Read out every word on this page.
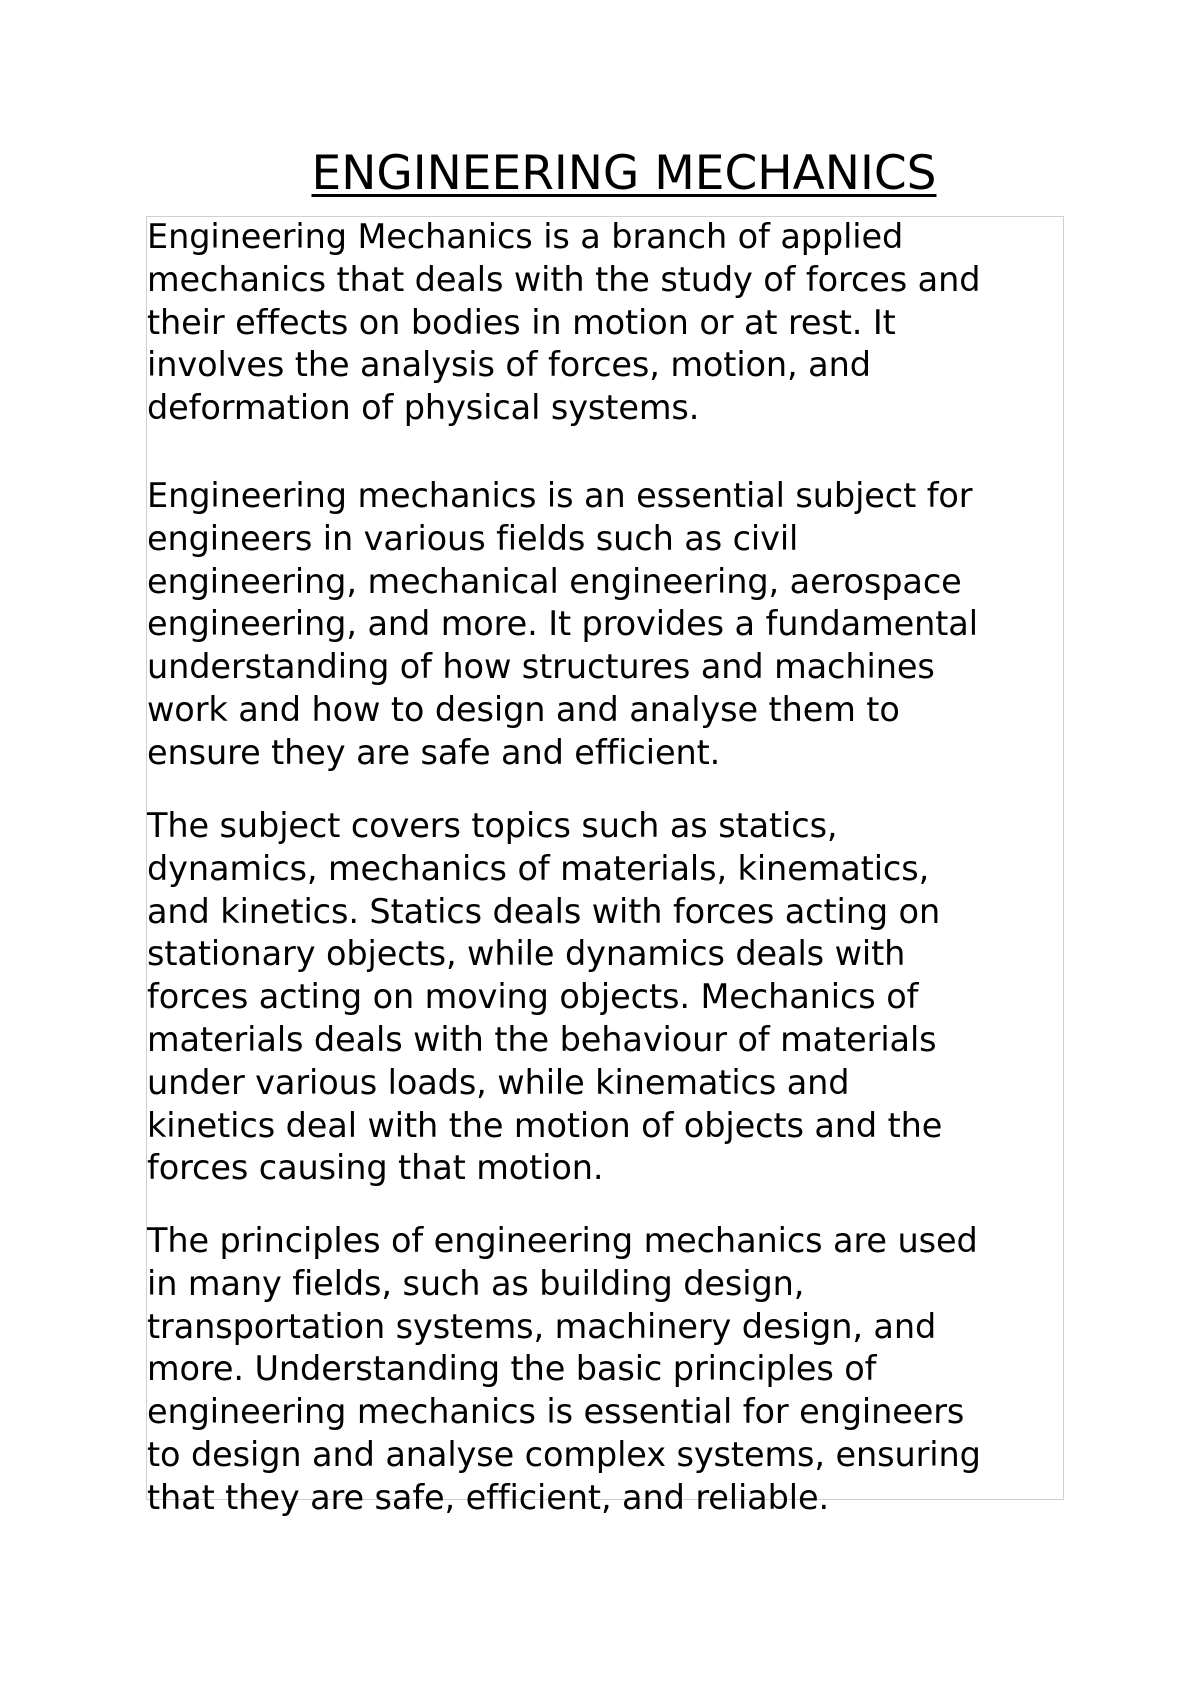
ENGINEERING MECHANICS

Engineering Mechanics is a branch of applied
mechanics that deals with the study of forces and
their effects on bodies in motion or at rest. It
involves the analysis of forces, motion, and
deformation of physical systems.

Engineering mechanics is an essential subject for
engineers in various fields such as civil
engineering, mechanical engineering, aerospace
engineering, and more. It provides a fundamental
understanding of how structures and machines
work and how to design and analyse them to
ensure they are safe and efficient.

The subject covers topics such as statics,
dynamics, mechanics of materials, kinematics,
and kinetics. Statics deals with forces acting on
stationary objects, while dynamics deals with
forces acting on moving objects. Mechanics of
materials deals with the behaviour of materials
under various loads, while kinematics and
kinetics deal with the motion of objects and the
forces causing that motion.

The principles of engineering mechanics are used
in many fields, such as building design,
transportation systems, machinery design, and
more. Understanding the basic principles of
engineering mechanics is essential for engineers
to design and analyse complex systems, ensuring
that they are safe, efficient, and reliable.
